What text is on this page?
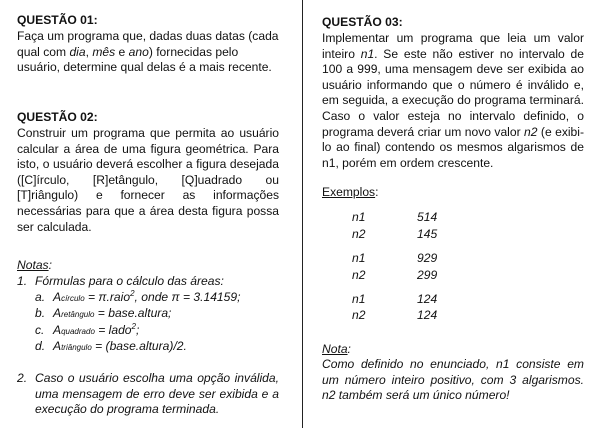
QUESTÃO 01:

Faça um programa que, dadas duas datas (cada
qual com dia, mês e ano) fornecidas pelo
usuário, determine qual delas é a mais recente.

QUESTÃO 02:

Construir um programa que permita ao usuário calcular a área de uma figura geométrica. Para isto, o usuário deverá escolher a figura desejada ([C]írculo, [R]etângulo, [Q]uadrado ou [T]riângulo) e fornecer as informações necessárias para que a área desta figura possa ser calculada.

Notas:

1. Fórmulas para o cálculo das áreas:
a. Acírculo = π.raio$^2$, onde π = 3.14159;
b. Aretângulo = base.altura;
c. Aquadrado = lado$^2$;
d. Atriângulo = (base.altura)/2.
2. Caso o usuário escolha uma opção inválida, uma mensagem de erro deve ser exibida e a execução do programa terminada.

QUESTÃO 03:

Implementar um programa que leia um valor inteiro n1. Se este não estiver no intervalo de 100 a 999, uma mensagem deve ser exibida ao usuário informando que o número é inválido e, em seguida, a execução do programa terminará. Caso o valor esteja no intervalo definido, o programa deverá criar um novo valor n2 (e exibi-lo ao final) contendo os mesmos algarismos de n1, porém em ordem crescente.

Exemplos:

n1	514
n2	145
n1	929
n2	299
n1	124
n2	124

Nota:

Como definido no enunciado, n1 consiste em um número inteiro positivo, com 3 algarismos. n2 também será um único número!
